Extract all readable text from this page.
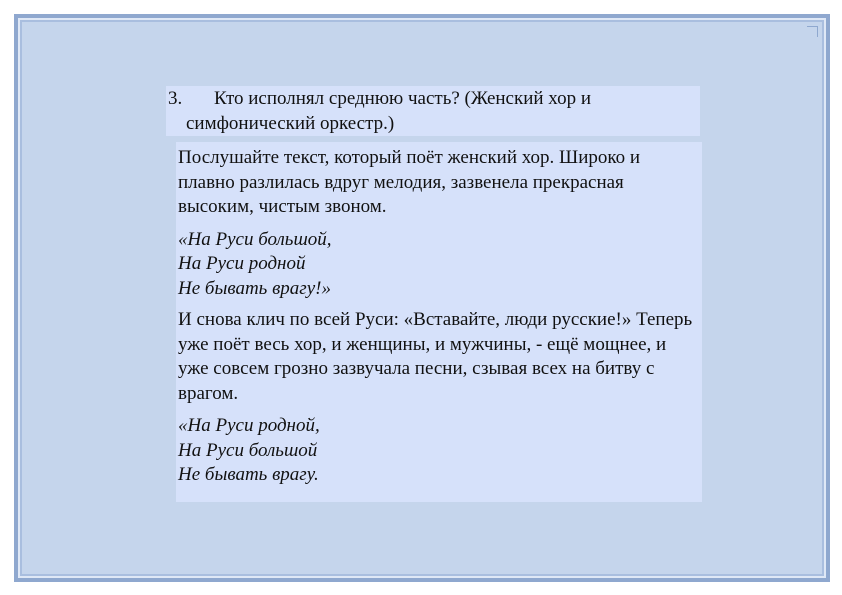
3. Кто исполнял среднюю часть? (Женский хор и
симфонический оркестр.)

Послушайте текст, который поёт женский хор. Широко и плавно разлилась вдруг мелодия, зазвенела прекрасная высоким, чистым звоном.

«На Руси большой,
На Руси родной
Не бывать врагу!»

И снова клич по всей Руси: «Вставайте, люди русские!» Теперь уже поёт весь хор, и женщины, и мужчины, - ещё мощнее, и уже совсем грозно зазвучала песни, сзывая всех на битву с врагом.

«На Руси родной,
На Руси большой
Не бывать врагу.
